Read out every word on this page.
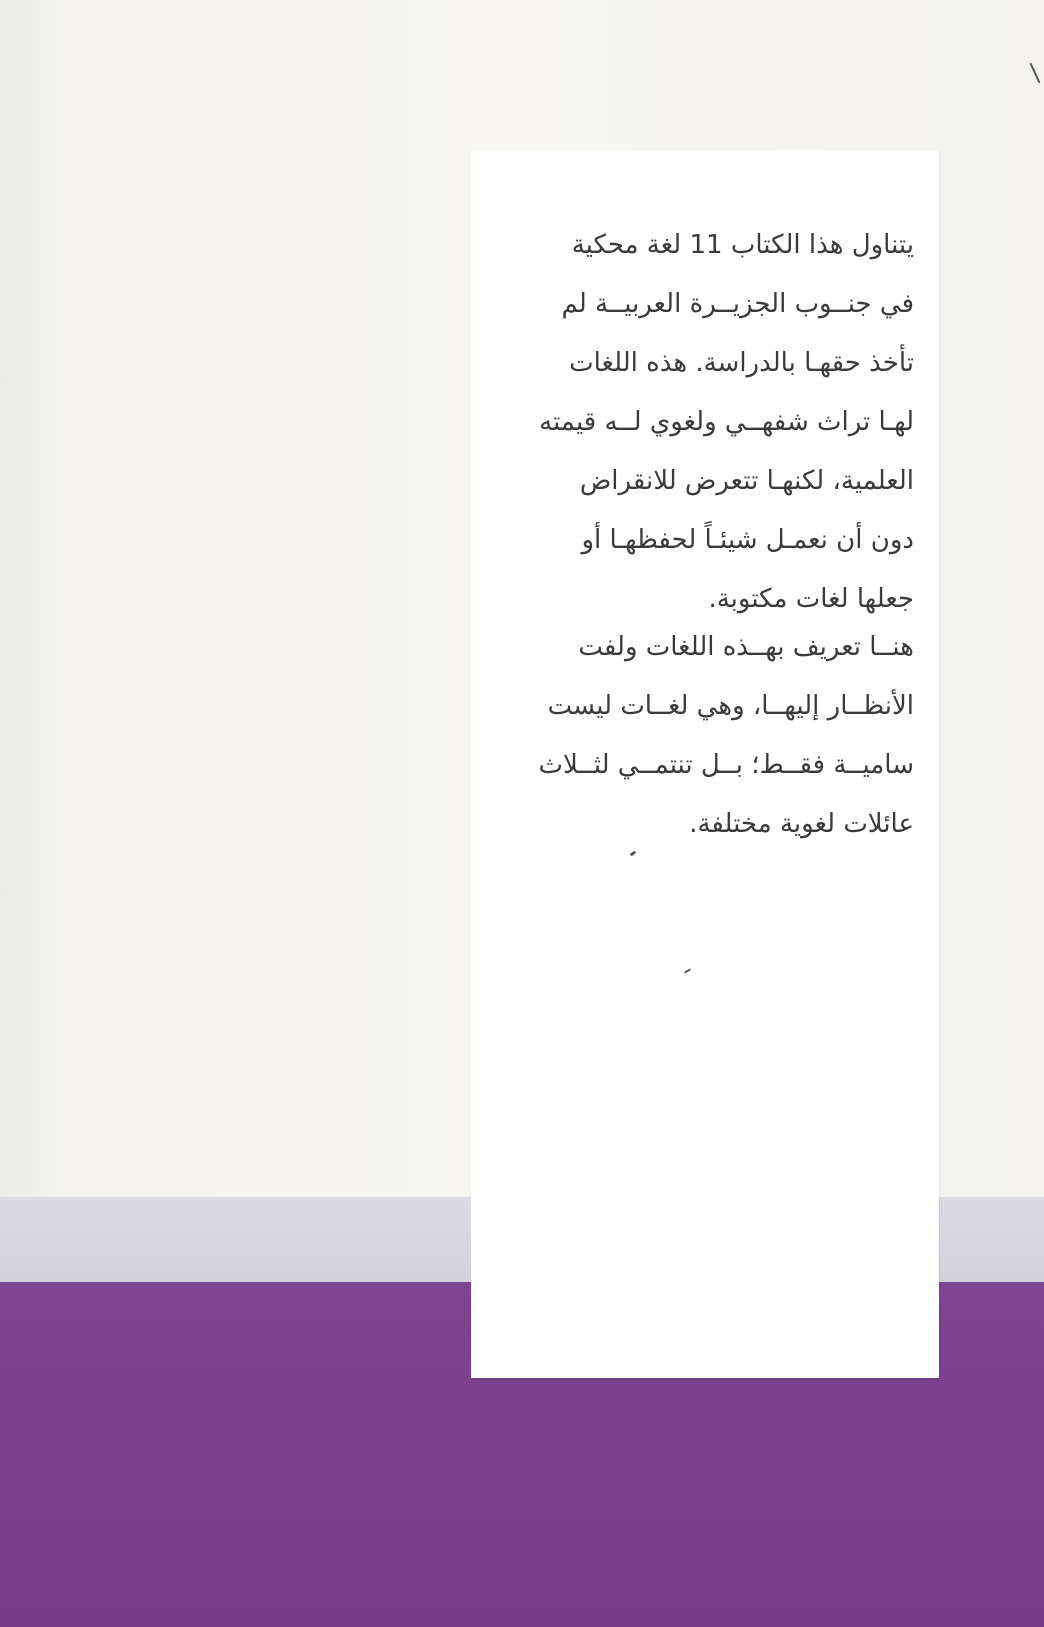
يتناول هذا الكتاب 11 لغة محكية
في جنــوب الجزيــرة العربيــة لم
تأخذ حقهـا بالدراسة. هذه اللغات
لهـا تراث شفهــي ولغوي لــه قيمته
العلمية، لكنهـا تتعرض للانقراض
دون أن نعمـل شيئـاً لحفظهـا أو
جعلها لغات مكتوبة.

هنــا تعريف بهــذه اللغات ولفت
الأنظــار إليهــا، وهي لغــات ليست
ساميــة فقــط؛ بــل تنتمــي لثــلاث
عائلات لغوية مختلفة.
